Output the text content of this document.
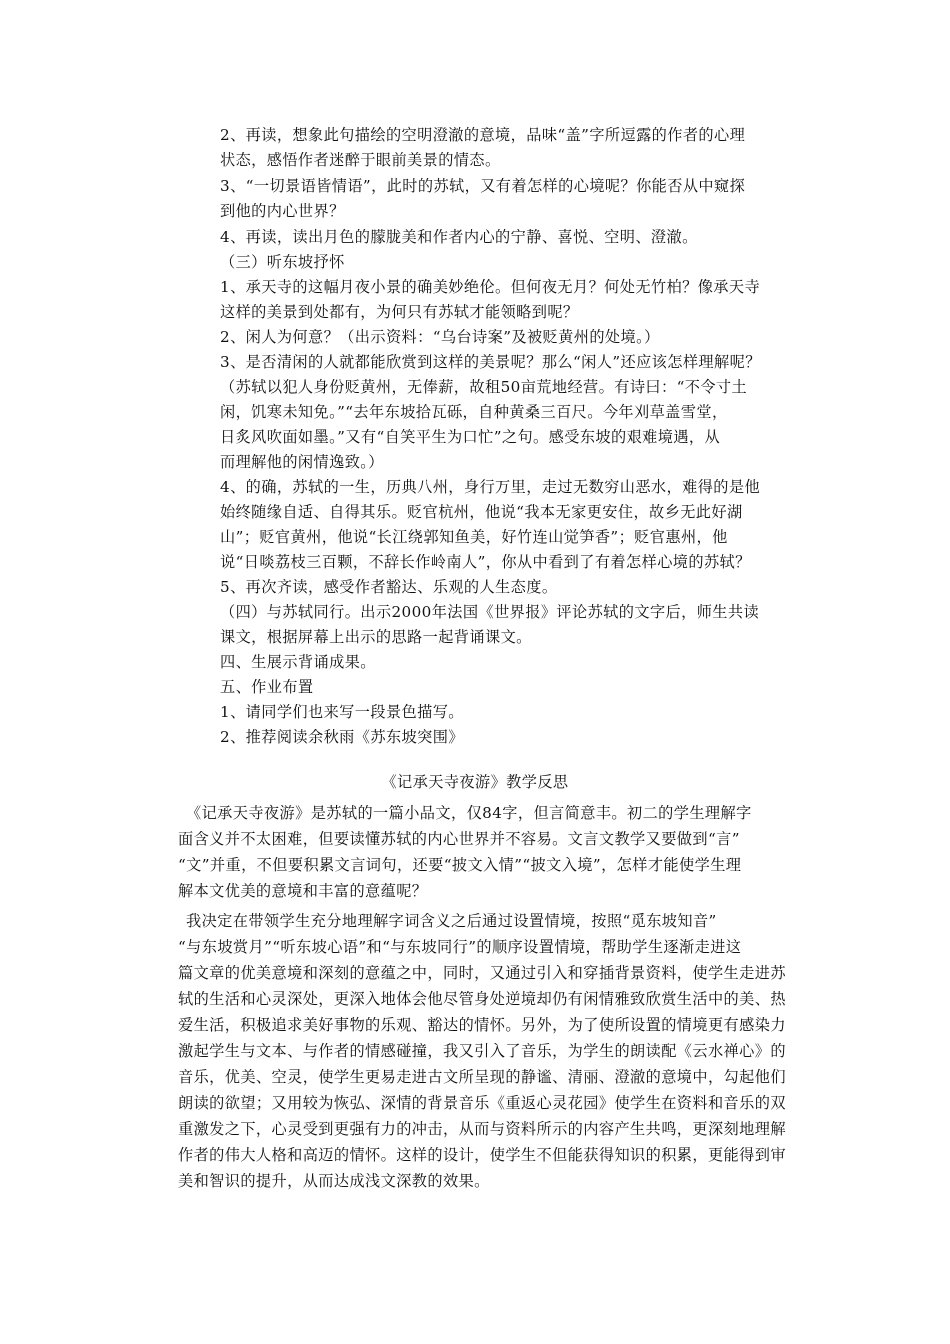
2、再读，想象此句描绘的空明澄澈的意境，品味“盖”字所逗露的作者的心理
状态，感悟作者迷醉于眼前美景的情态。
3、“一切景语皆情语”，此时的苏轼，又有着怎样的心境呢？你能否从中窥探
到他的内心世界？
4、再读，读出月色的朦胧美和作者内心的宁静、喜悦、空明、澄澈。
（三）听东坡抒怀
1、承天寺的这幅月夜小景的确美妙绝伦。但何夜无月？何处无竹柏？像承天寺
这样的美景到处都有，为何只有苏轼才能领略到呢？
2、闲人为何意？（出示资料：“乌台诗案”及被贬黄州的处境。）
3、是否清闲的人就都能欣赏到这样的美景呢？那么“闲人”还应该怎样理解呢？
（苏轼以犯人身份贬黄州，无俸薪，故租50亩荒地经营。有诗曰：“不令寸土
闲，饥寒未知免。”“去年东坡拾瓦砾，自种黄桑三百尺。今年刈草盖雪堂，
日炙风吹面如墨。”又有“自笑平生为口忙”之句。感受东坡的艰难境遇，从
而理解他的闲情逸致。）
4、的确，苏轼的一生，历典八州，身行万里，走过无数穷山恶水，难得的是他
始终随缘自适、自得其乐。贬官杭州，他说“我本无家更安住，故乡无此好湖
山”；贬官黄州，他说“长江绕郭知鱼美，好竹连山觉笋香”；贬官惠州，他
说“日啖荔枝三百颗，不辞长作岭南人”，你从中看到了有着怎样心境的苏轼？
5、再次齐读，感受作者豁达、乐观的人生态度。
（四）与苏轼同行。出示2000年法国《世界报》评论苏轼的文字后，师生共读
课文，根据屏幕上出示的思路一起背诵课文。
四、生展示背诵成果。
五、作业布置
1、请同学们也来写一段景色描写。
2、推荐阅读余秋雨《苏东坡突围》
《记承天寺夜游》教学反思
《记承天寺夜游》是苏轼的一篇小品文，仅84字，但言简意丰。初二的学生理解字
面含义并不太困难，但要读懂苏轼的内心世界并不容易。文言文教学又要做到“言”
“文”并重，不但要积累文言词句，还要“披文入情”“披文入境”，怎样才能使学生理
解本文优美的意境和丰富的意蕴呢？
我决定在带领学生充分地理解字词含义之后通过设置情境，按照“觅东坡知音”
“与东坡赏月”“听东坡心语”和“与东坡同行”的顺序设置情境，帮助学生逐渐走进这
篇文章的优美意境和深刻的意蕴之中，同时，又通过引入和穿插背景资料，使学生走进苏
轼的生活和心灵深处，更深入地体会他尽管身处逆境却仍有闲情雅致欣赏生活中的美、热
爱生活，积极追求美好事物的乐观、豁达的情怀。另外，为了使所设置的情境更有感染力
激起学生与文本、与作者的情感碰撞，我又引入了音乐，为学生的朗读配《云水禅心》的
音乐，优美、空灵，使学生更易走进古文所呈现的静谧、清丽、澄澈的意境中，勾起他们
朗读的欲望；又用较为恢弘、深情的背景音乐《重返心灵花园》使学生在资料和音乐的双
重激发之下，心灵受到更强有力的冲击，从而与资料所示的内容产生共鸣，更深刻地理解
作者的伟大人格和高迈的情怀。这样的设计，使学生不但能获得知识的积累，更能得到审
美和智识的提升，从而达成浅文深教的效果。
